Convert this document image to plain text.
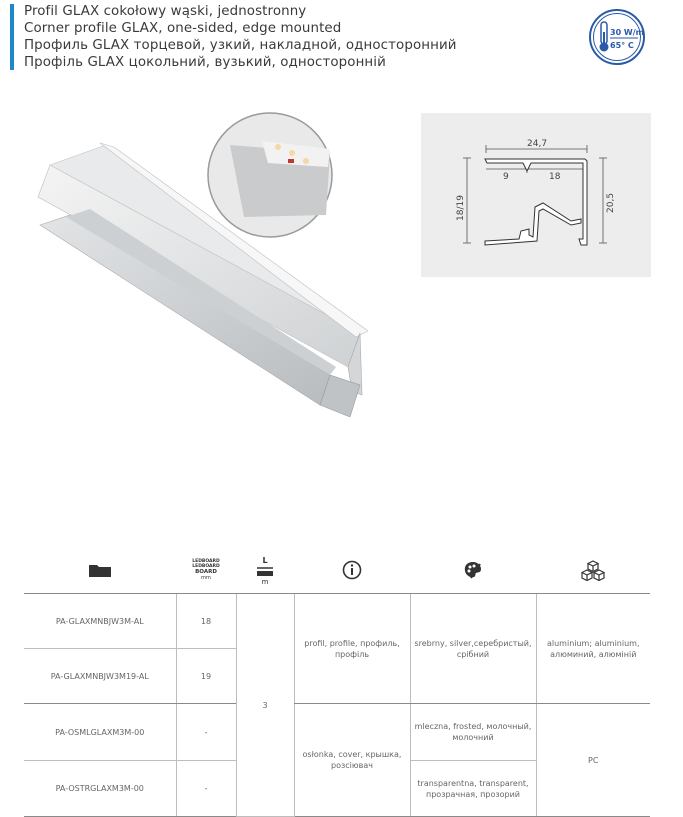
Profil GLAX cokołowy wąski, jednostronny
Corner profile GLAX, one-sided, edge mounted
Профиль GLAX торцевой, узкий, накладной, односторонний
Профіль GLAX цокольний, вузький, односторонній
30 W/m
65° C
24,7
9	18
18/19	20,5

LEDBOARD
LEDBOARD
BOARD
mm	L
m

PA-GLAXMNBJW3M-AL	18	3	profil, profile, профиль, профіль	srebrny, silver,серебристый, срібний	aluminium; aluminium, алюминий, алюміній
PA-GLAXMNBJW3M19-AL	19				
PA-OSMLGLAXM3M-00	-		osłonka, cover, крышка, розсіювач	mleczna, frosted, молочный, молочний	PC
PA-OSTRGLAXM3M-00	-			transparentna, transparent, прозрачная, прозорий	
